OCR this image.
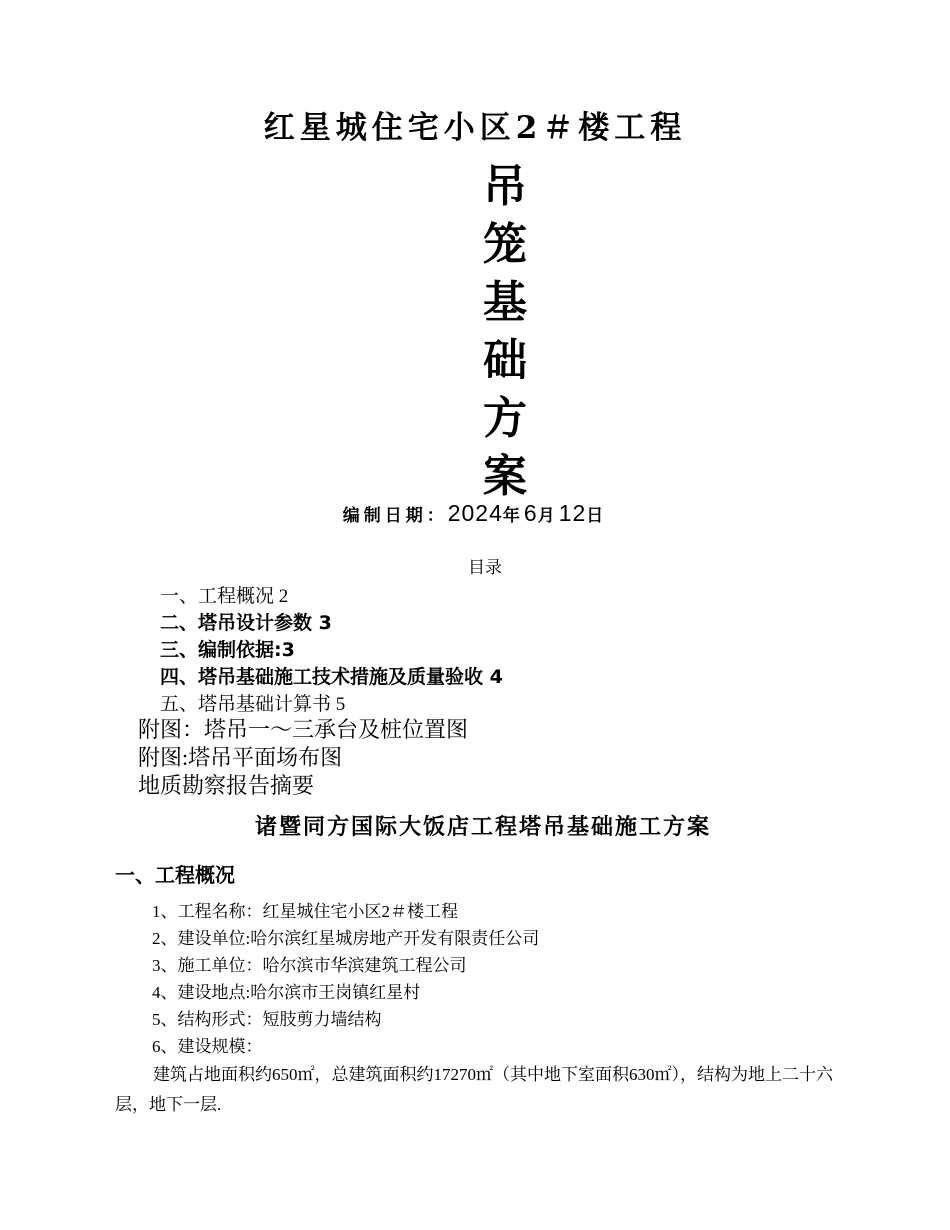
红星城住宅小区2＃楼工程
吊
笼
基
础
方
案
编制日期：2024年6月12日
目录
一、工程概况 2
二、塔吊设计参数 3
三、编制依据:3
四、塔吊基础施工技术措施及质量验收 4
五、塔吊基础计算书 5
附图：塔吊一～三承台及桩位置图
附图:塔吊平面场布图
地质勘察报告摘要
诸暨同方国际大饭店工程塔吊基础施工方案
一、工程概况
1、工程名称：红星城住宅小区2＃楼工程
2、建设单位:哈尔滨红星城房地产开发有限责任公司
3、施工单位：哈尔滨市华滨建筑工程公司
4、建设地点:哈尔滨市王岗镇红星村
5、结构形式：短肢剪力墙结构
6、建设规模：
建筑占地面积约650㎡，总建筑面积约17270㎡（其中地下室面积630㎡），结构为地上二十六层，地下一层.
